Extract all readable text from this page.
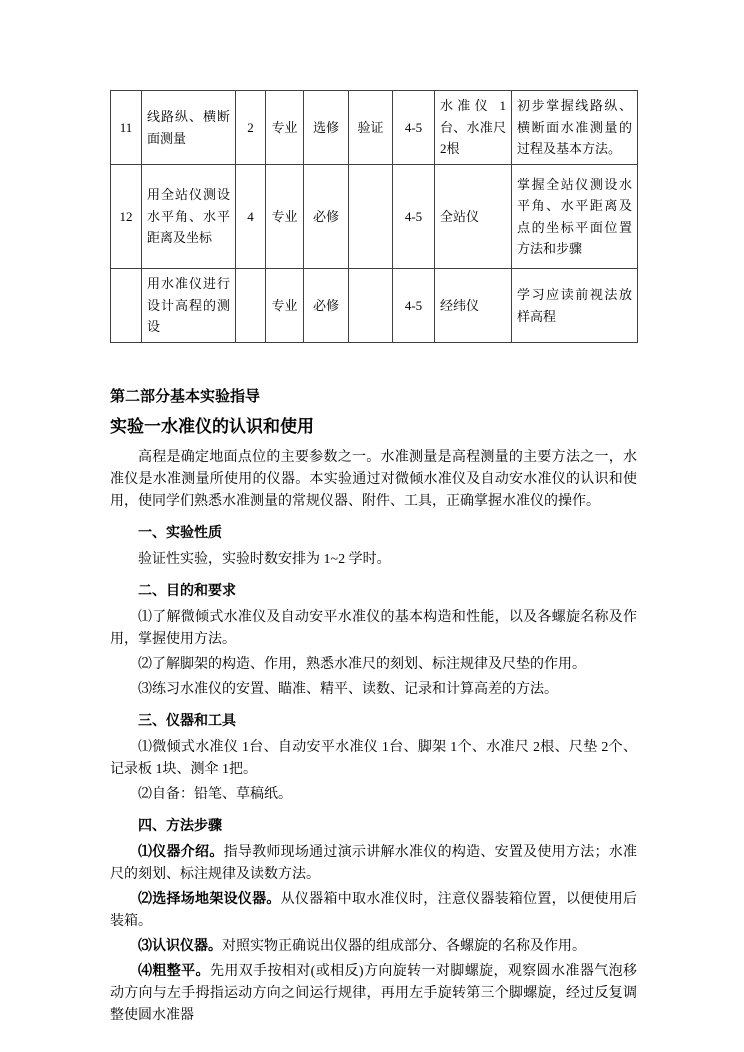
11	线路纵、横断面测量	2	专业	选修	验证	4-5	水准仪 1台、水准尺 2根	初步掌握线路纵、横断面水准测量的过程及基本方法。
12	用全站仪测设水平角、水平距离及坐标	4	专业	必修		4-5	全站仪	掌握全站仪测设水平角、水平距离及点的坐标平面位置方法和步骤
	用水准仪进行设计高程的测设		专业	必修		4-5	经纬仪	学习应读前视法放样高程
第二部分基本实验指导
实验一水准仪的认识和使用

高程是确定地面点位的主要参数之一。水准测量是高程测量的主要方法之一，水准仪是水准测量所使用的仪器。本实验通过对微倾水准仪及自动安水准仪的认识和使用，使同学们熟悉水准测量的常规仪器、附件、工具，正确掌握水准仪的操作。

一、实验性质

验证性实验，实验时数安排为 1~2 学时。

二、目的和要求

⑴了解微倾式水准仪及自动安平水准仪的基本构造和性能，以及各螺旋名称及作用，掌握使用方法。

⑵了解脚架的构造、作用，熟悉水准尺的刻划、标注规律及尺垫的作用。

⑶练习水准仪的安置、瞄准、精平、读数、记录和计算高差的方法。

三、仪器和工具

⑴微倾式水准仪 1台、自动安平水准仪 1台、脚架 1个、水准尺 2根、尺垫 2个、记录板 1块、测伞 1把。

⑵自备：铅笔、草稿纸。

四、方法步骤

⑴仪器介绍。指导教师现场通过演示讲解水准仪的构造、安置及使用方法；水准尺的刻划、标注规律及读数方法。

⑵选择场地架设仪器。从仪器箱中取水准仪时，注意仪器装箱位置，以便使用后装箱。

⑶认识仪器。对照实物正确说出仪器的组成部分、各螺旋的名称及作用。

⑷粗整平。先用双手按相对(或相反)方向旋转一对脚螺旋，观察圆水准器气泡移动方向与左手拇指运动方向之间运行规律，再用左手旋转第三个脚螺旋，经过反复调整使圆水准器
